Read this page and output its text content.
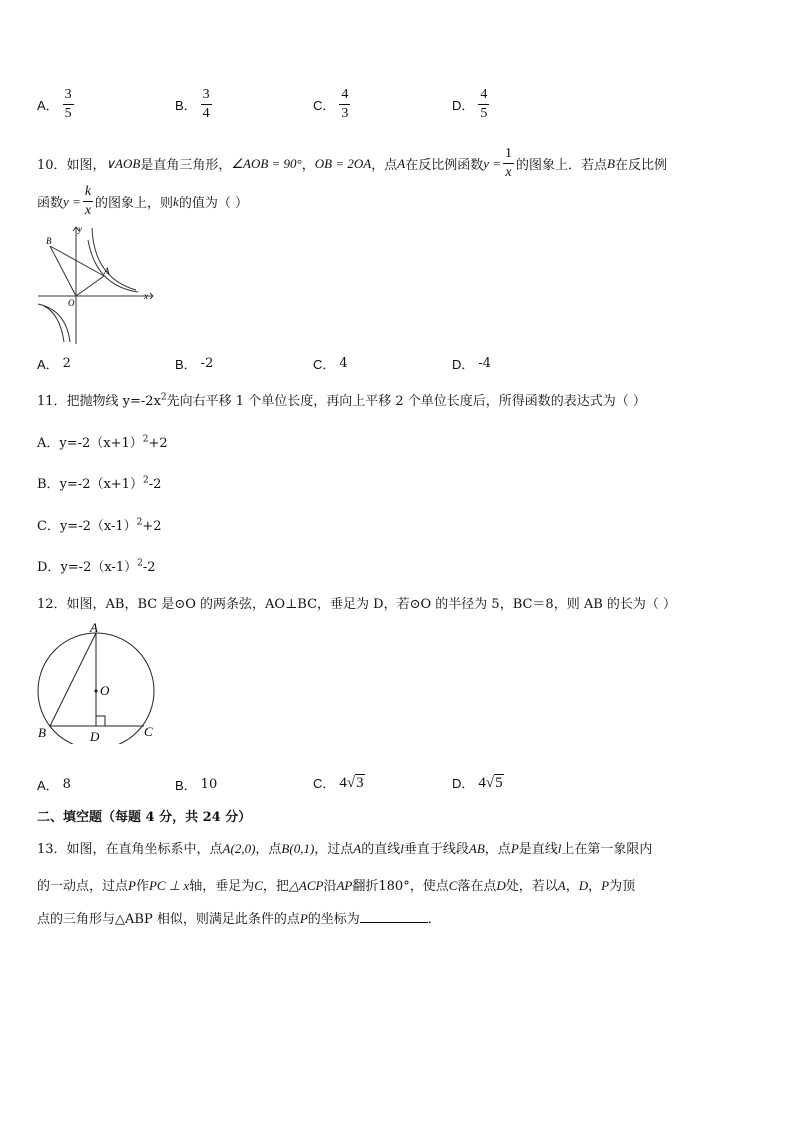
A． $\frac{3}{5}$	B． $\frac{3}{4}$	C． $\frac{4}{3}$	D． $\frac{4}{5}$
10．如图， ∨AOB 是直角三角形， ∠AOB = 90° ， OB = 2OA ，点 A 在反比例函数 $y = \frac{1}{x}$ 的图象上．若点 B 在反比例
函数 $y = \frac{k}{x}$ 的图象上，则 k 的值为（ ）
B
y
A
O
x
A． 2	B． -2	C． 4	D． -4
11．把抛物线 $y=-2x^2$先向右平移 1 个单位长度，再向上平移 2 个单位长度后，所得函数的表达式为（ ）
A．$y=-2(x+1)^2+2$
B．$y=-2(x+1)^2-2$
C．$y=-2(x-1)^2+2$
D．$y=-2(x-1)^2-2$
12．如图，AB，BC 是⊙O 的两条弦，AO⊥BC，垂足为 D，若⊙O 的半径为 5，BC＝8，则 AB 的长为（ ）
A
O
B	D	C
A． 8	B． 10	C． 4√3	D． 4√5
二、填空题（每题 4 分，共 24 分）
13．如图，在直角坐标系中，点A(2,0)，点B(0,1)，过点A的直线l垂直于线段AB，点P是直线l上在第一象限内
的一动点，过点P作PC ⊥ x轴，垂足为C，把△ACP沿AP翻折180°，使点C落在点D处，若以A，D，P为顶
点的三角形与△ABP 相似，则满足此条件的点P的坐标为	．
